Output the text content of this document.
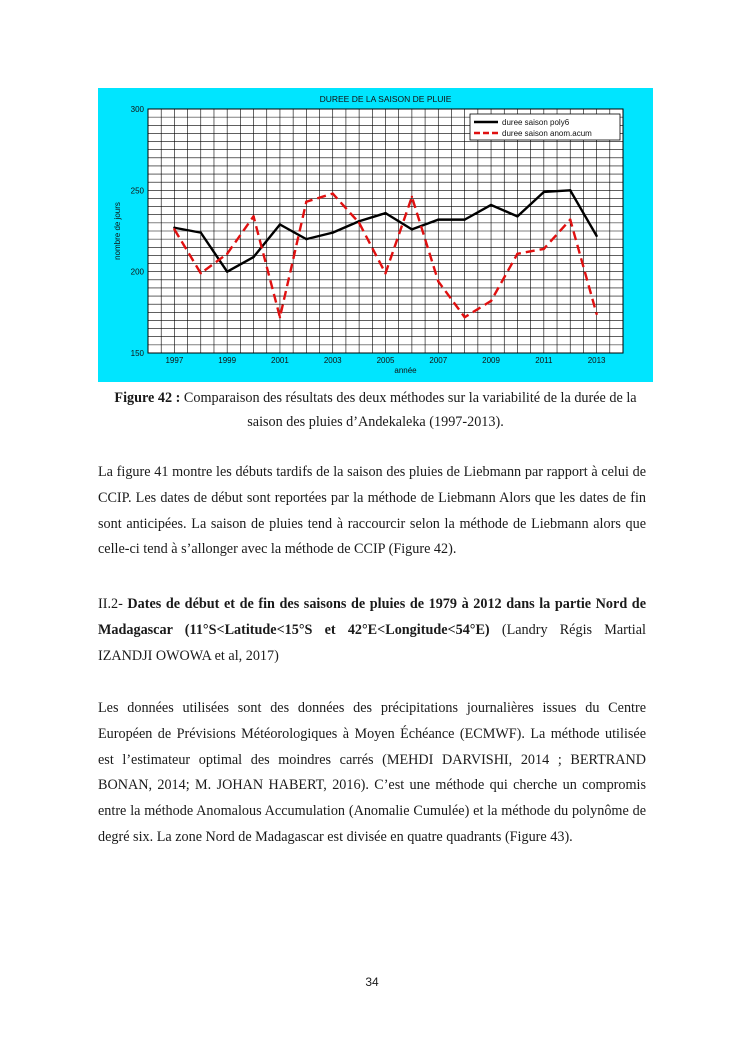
DUREE DE LA SAISON DE PLUIE
150
200
250
300
1997	1999	2001	2003	2005	2007	2009	2011	2013
année
nombre de jours
duree saison poly6
duree saison anom.acum
Figure 42 : Comparaison des résultats des deux méthodes sur la variabilité de la durée de la saison des pluies d’Andekaleka (1997-2013).
La figure 41 montre les débuts tardifs de la saison des pluies de Liebmann par rapport à celui de CCIP. Les dates de début sont reportées par la méthode de Liebmann Alors que les dates de fin sont anticipées. La saison de pluies tend à raccourcir selon la méthode de Liebmann alors que celle-ci tend à s’allonger avec la méthode de CCIP (Figure 42).
II.2- Dates de début et de fin des saisons de pluies de 1979 à 2012 dans la partie Nord de Madagascar (11°S<Latitude<15°S et 42°E<Longitude<54°E) (Landry Régis Martial IZANDJI OWOWA et al, 2017)
Les données utilisées sont des données des précipitations journalières issues du Centre Européen de Prévisions Météorologiques à Moyen Échéance (ECMWF). La méthode utilisée est l’estimateur optimal des moindres carrés (MEHDI DARVISHI, 2014 ; BERTRAND BONAN, 2014; M. JOHAN HABERT, 2016). C’est une méthode qui cherche un compromis entre la méthode Anomalous Accumulation (Anomalie Cumulée) et la méthode du polynôme de degré six. La zone Nord de Madagascar est divisée en quatre quadrants (Figure 43).
34
